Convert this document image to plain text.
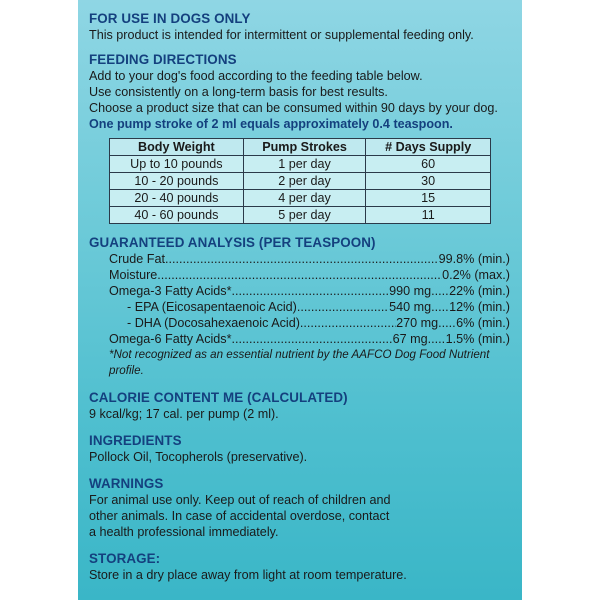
FOR USE IN DOGS ONLY

This product is intended for intermittent or supplemental feeding only.

FEEDING DIRECTIONS

Add to your dog's food according to the feeding table below.

Use consistently on a long-term basis for best results.

Choose a product size that can be consumed within 90 days by your dog.

One pump stroke of 2 ml equals approximately 0.4 teaspoon.

Body Weight	Pump Strokes	# Days Supply
Up to 10 pounds	1 per day	60
10 - 20 pounds	2 per day	30
20 - 40 pounds	4 per day	15
40 - 60 pounds	5 per day	11

GUARANTEED ANALYSIS (PER TEASPOON)

Crude Fat .....	99.8% (min.)
Moisture .....	0.2% (max.)
Omega-3 Fatty Acids* .....	990 mg ..... 22% (min.)
- EPA (Eicosapentaenoic Acid) .....	540 mg ..... 12% (min.)
- DHA (Docosahexaenoic Acid) .....	270 mg ..... 6% (min.)
Omega-6 Fatty Acids* .....	67 mg ..... 1.5% (min.)

*Not recognized as an essential nutrient by the AAFCO Dog Food Nutrient profile.

CALORIE CONTENT ME (CALCULATED)

9 kcal/kg; 17 cal. per pump (2 ml).

INGREDIENTS

Pollock Oil, Tocopherols (preservative).

WARNINGS

For animal use only. Keep out of reach of children and

other animals. In case of accidental overdose, contact

a health professional immediately.

STORAGE:

Store in a dry place away from light at room temperature.
